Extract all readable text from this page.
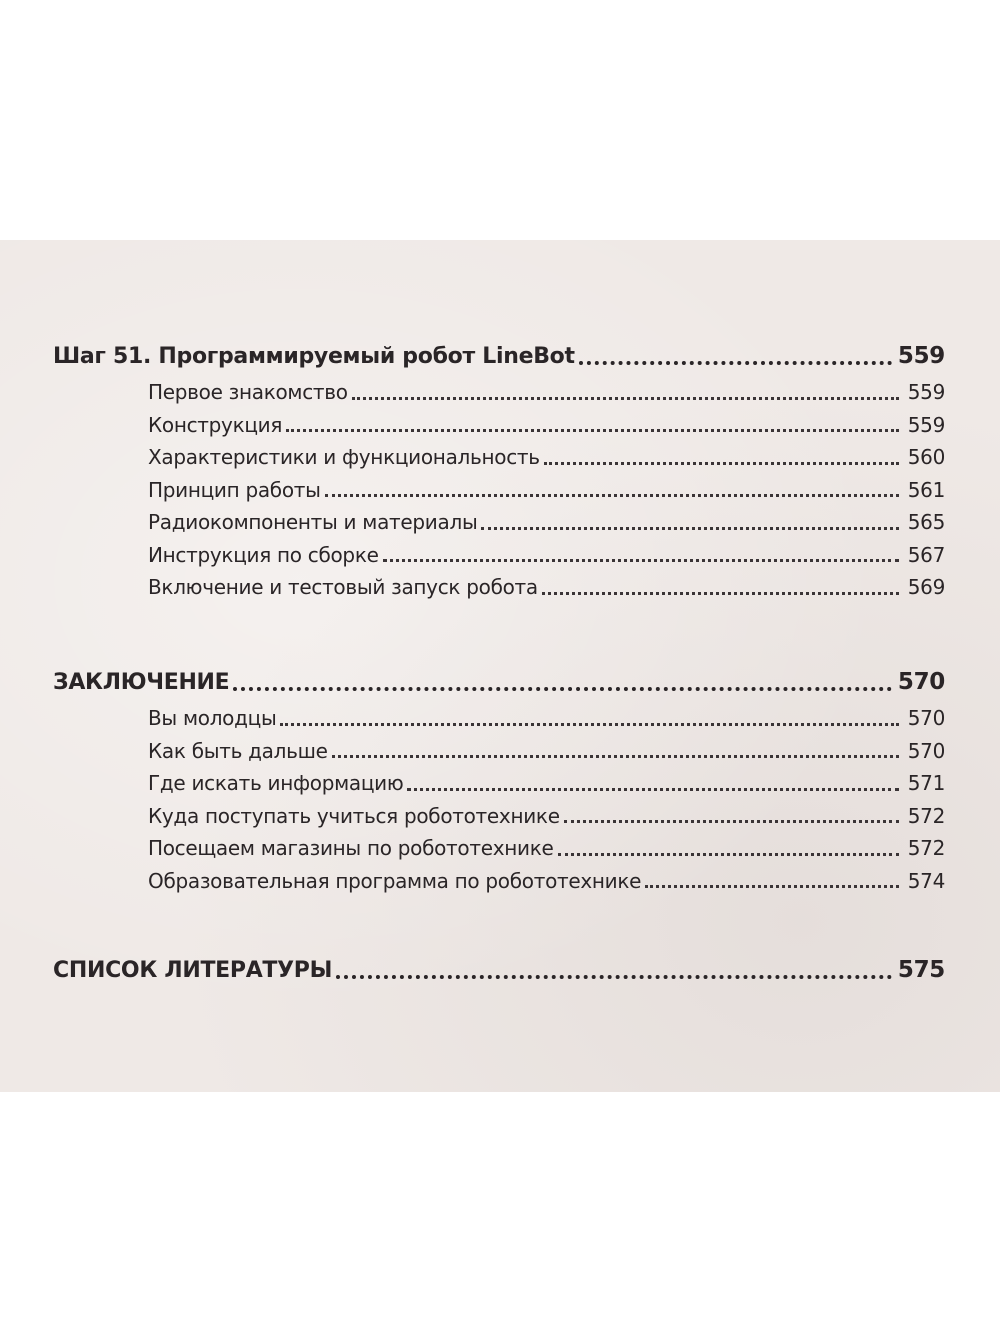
Шаг 51. Программируемый робот LineBot	559
Первое знакомство	559
Конструкция	559
Характеристики и функциональность	560
Принцип работы	561
Радиокомпоненты и материалы	565
Инструкция по сборке	567
Включение и тестовый запуск робота	569
ЗАКЛЮЧЕНИЕ	570
Вы молодцы	570
Как быть дальше	570
Где искать информацию	571
Куда поступать учиться робототехнике	572
Посещаем магазины по робототехнике	572
Образовательная программа по робототехнике	574
СПИСОК ЛИТЕРАТУРЫ	575
